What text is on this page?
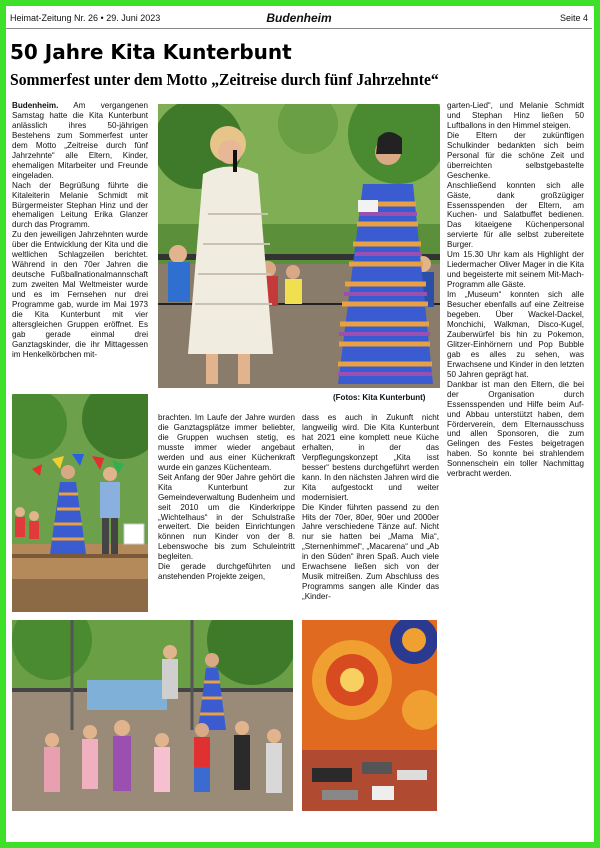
Heimat-Zeitung Nr. 26 • 29. Juni 2023	Budenheim	Seite 4
50 Jahre Kita Kunterbunt
Sommerfest unter dem Motto „Zeitreise durch fünf Jahrzehnte“

Budenheim. Am vergangenen Samstag hatte die Kita Kunterbunt anlässlich ihres 50-jährigen Bestehens zum Sommerfest unter dem Motto „Zeitreise durch fünf Jahrzehnte“ alle Eltern, Kinder, ehemaligen Mitarbeiter und Freunde eingeladen.

Nach der Begrüßung führte die Kitaleiterin Melanie Schmidt mit Bürgermeister Stephan Hinz und der ehemaligen Leitung Erika Glanzer durch das Programm.

Zu den jeweiligen Jahrzehnten wurde über die Entwicklung der Kita und die weltlichen Schlagzeilen berichtet. Während in den 70er Jahren die deutsche Fußballnationalmannschaft zum zweiten Mal Weltmeister wurde und es im Fernsehen nur drei Programme gab, wurde im Mai 1973 die Kita Kunterbunt mit vier altersgleichen Gruppen eröffnet. Es gab gerade einmal drei Ganztagskinder, die ihr Mittagessen im Henkelkörbchen mit-

garten-Lied“, und Melanie Schmidt und Stephan Hinz ließen 50 Luftballons in den Himmel steigen.

Die Eltern der zukünftigen Schulkinder bedankten sich beim Personal für die schöne Zeit und überreichten selbstgebastelte Geschenke.

Anschließend konnten sich alle Gäste, dank großzügiger Essensspenden der Eltern, am Kuchen- und Salatbuffet bedienen. Das kitaeigene Küchenpersonal servierte für alle selbst zubereitete Burger.

Um 15.30 Uhr kam als Highlight der Liedermacher Oliver Mager in die Kita und begeisterte mit seinem Mit-Mach-Programm alle Gäste.

Im „Museum“ konnten sich alle Besucher ebenfalls auf eine Zeitreise begeben. Über Wackel-Dackel, Monchichi, Walkman, Disco-Kugel, Zauberwürfel bis hin zu Pokemon, Glitzer-Einhörnern und Pop Bubble gab es alles zu sehen, was Erwachsene und Kinder in den letzten 50 Jahren geprägt hat.

Dankbar ist man den Eltern, die bei der Organisation durch Essensspenden und Hilfe beim Auf- und Abbau unterstützt haben, dem Förderverein, dem Elternausschuss und allen Sponsoren, die zum Gelingen des Festes beigetragen haben. So konnte bei strahlendem Sonnenschein ein toller Nachmittag verbracht werden.

brachten. Im Laufe der Jahre wurden die Ganztagsplätze immer beliebter, die Gruppen wuchsen stetig, es musste immer wieder angebaut werden und aus einer Küchenkraft wurde ein ganzes Küchenteam.

Seit Anfang der 90er Jahre gehört die Kita Kunterbunt zur Gemeindeverwaltung Budenheim und seit 2010 um die Kinderkrippe „Wichtelhaus“ in der Schulstraße erweitert. Die beiden Einrichtungen können nun Kinder von der 8. Lebenswoche bis zum Schuleintritt begleiten.

Die gerade durchgeführten und anstehenden Projekte zeigen,

dass es auch in Zukunft nicht langweilig wird. Die Kita Kunterbunt hat 2021 eine komplett neue Küche erhalten, in der das Verpflegungskonzept „Kita isst besser“ bestens durchgeführt werden kann. In den nächsten Jahren wird die Kita aufgestockt und weiter modernisiert.

Die Kinder führten passend zu den Hits der 70er, 80er, 90er und 2000er Jahre verschiedene Tänze auf. Nicht nur sie hatten bei „Mama Mia“, „Sternenhimmel“, „Macarena“ und „Ab in den Süden“ ihren Spaß. Auch viele Erwachsene ließen sich von der Musik mitreißen. Zum Abschluss des Programms sangen alle Kinder das „Kinder-

(Fotos: Kita Kunterbunt)
